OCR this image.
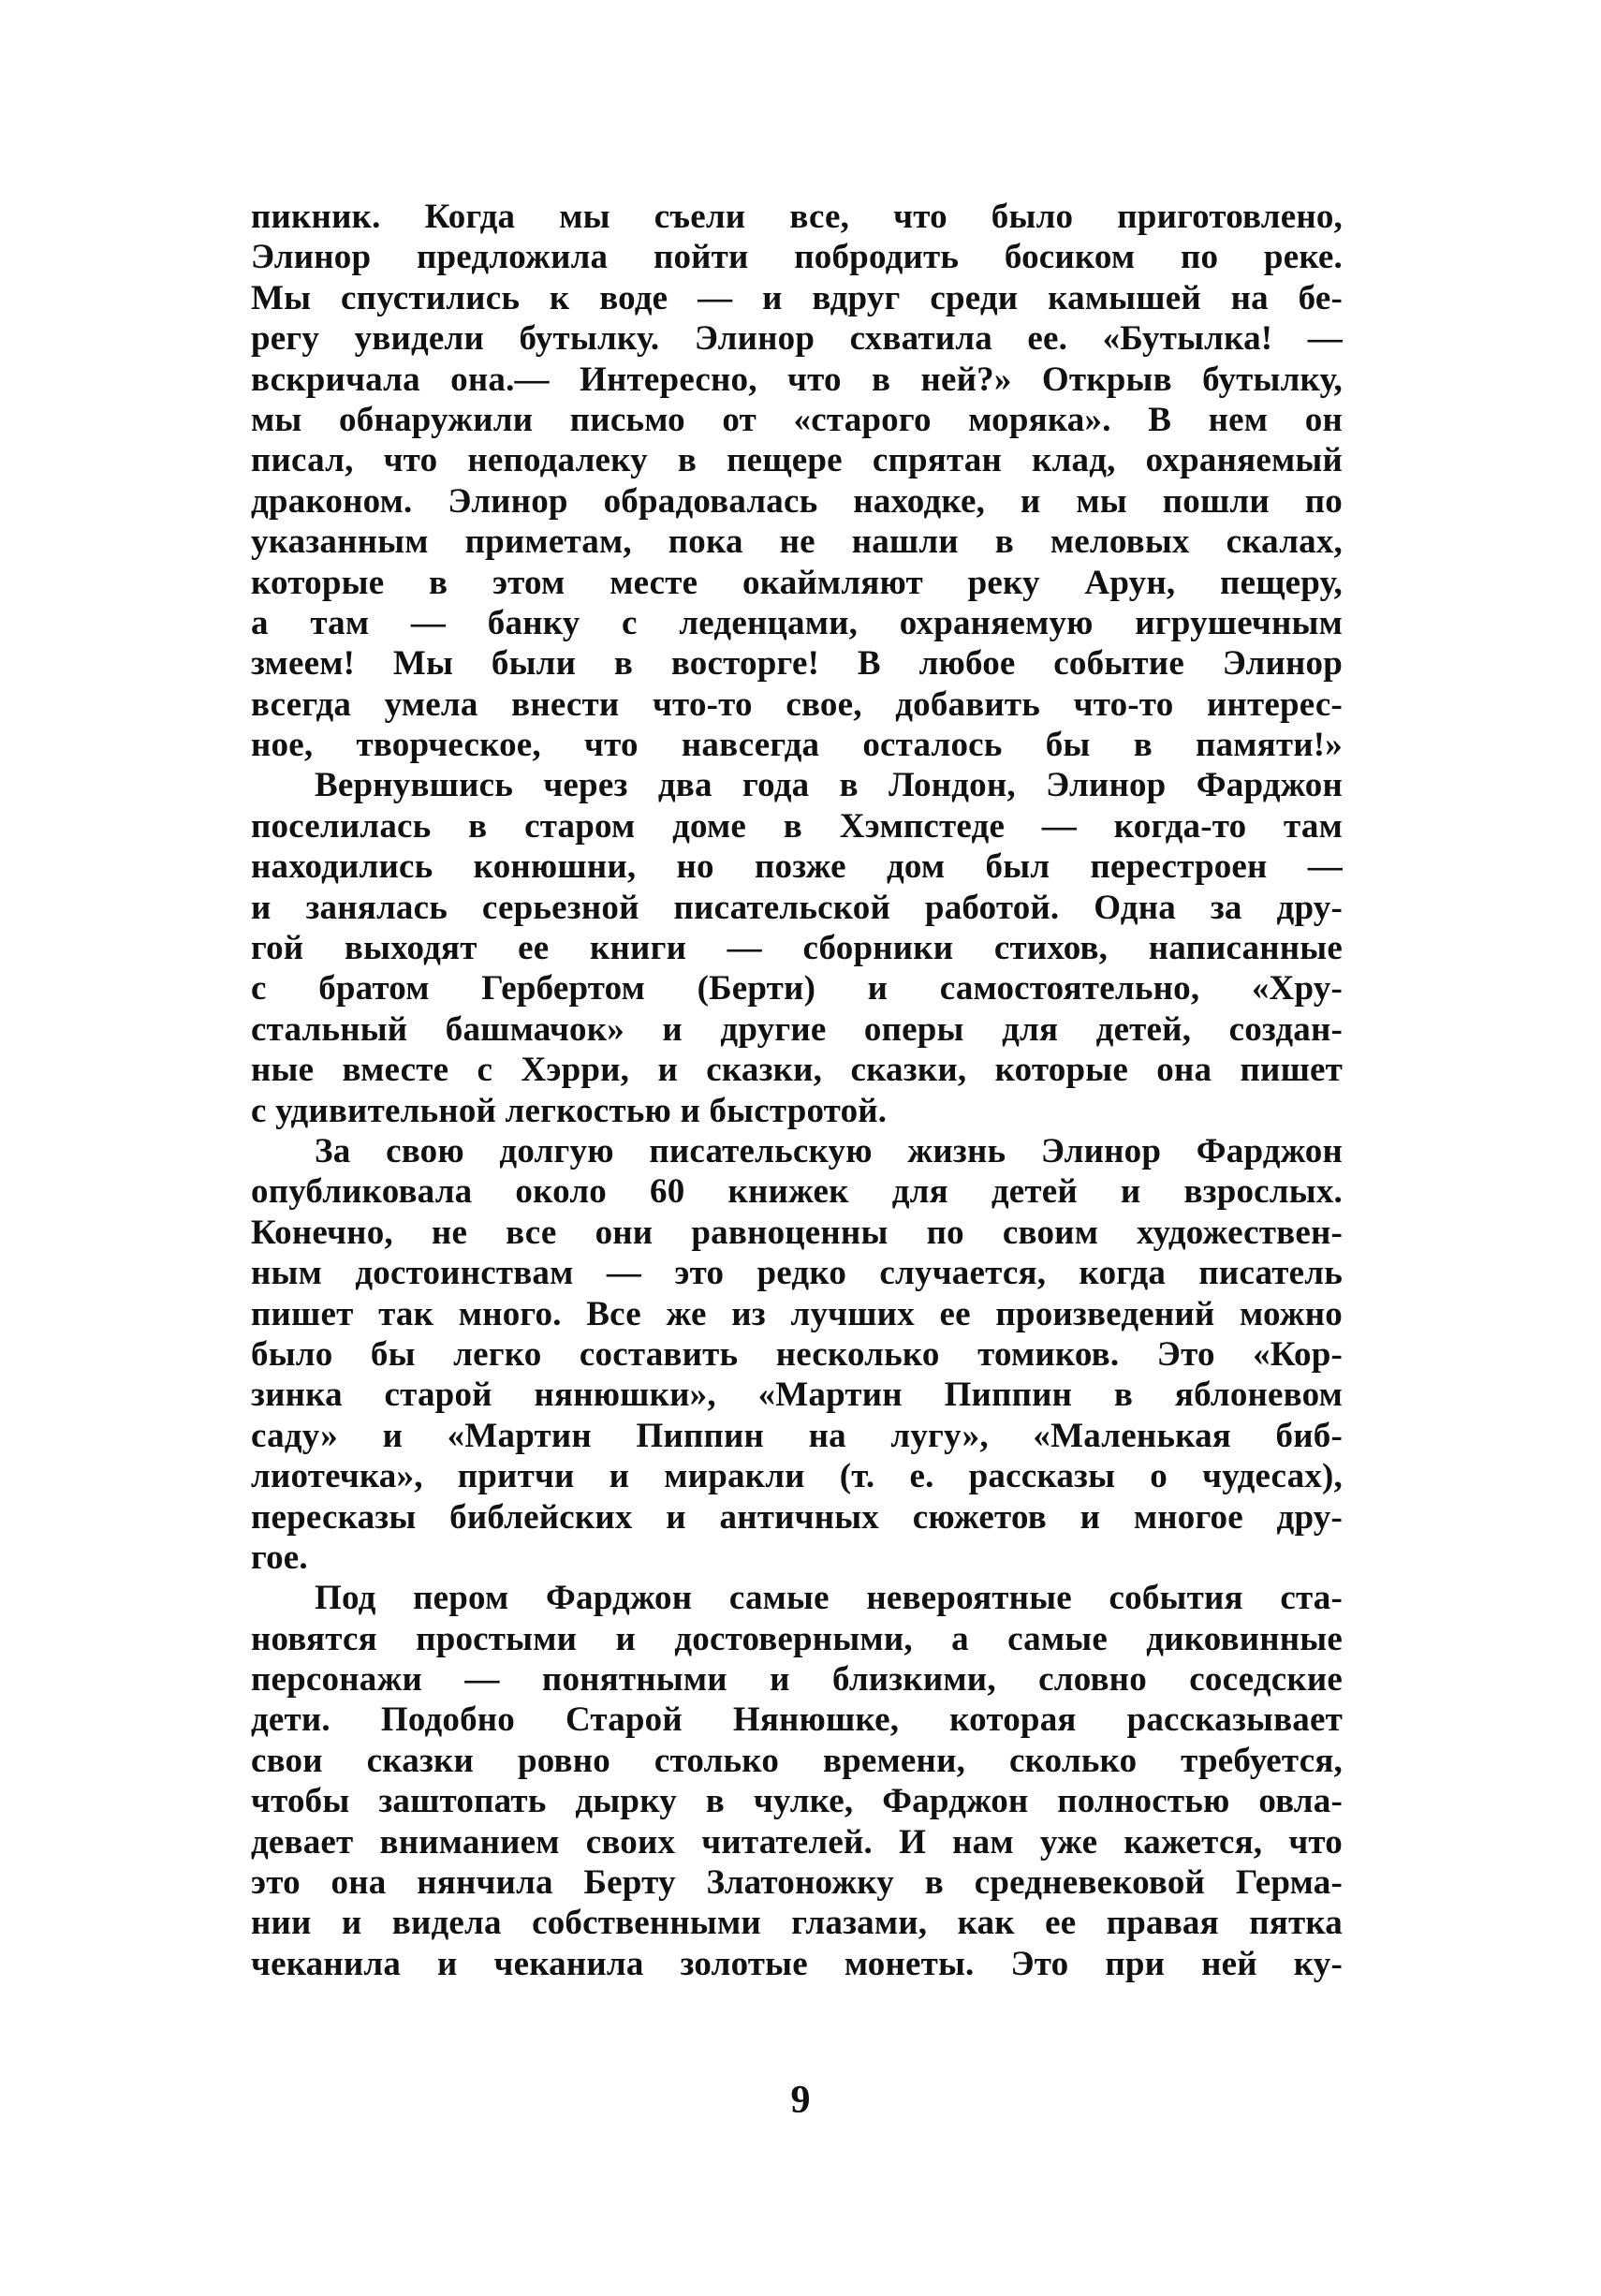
пикник. Когда мы съели все, что было приготовлено,
Элинор предложила пойти побродить босиком по реке.
Мы спустились к воде — и вдруг среди камышей на бе-
регу увидели бутылку. Элинор схватила ее. «Бутылка! —
вскричала она.— Интересно, что в ней?» Открыв бутылку,
мы обнаружили письмо от «старого моряка». В нем он
писал, что неподалеку в пещере спрятан клад, охраняемый
драконом. Элинор обрадовалась находке, и мы пошли по
указанным приметам, пока не нашли в меловых скалах,
которые в этом месте окаймляют реку Арун, пещеру,
а там — банку с леденцами, охраняемую игрушечным
змеем! Мы были в восторге! В любое событие Элинор
всегда умела внести что-то свое, добавить что-то интерес-
ное, творческое, что навсегда осталось бы в памяти!»
Вернувшись через два года в Лондон, Элинор Фарджон
поселилась в старом доме в Хэмпстеде — когда-то там
находились конюшни, но позже дом был перестроен —
и занялась серьезной писательской работой. Одна за дру-
гой выходят ее книги — сборники стихов, написанные
с братом Гербертом (Берти) и самостоятельно, «Хру-
стальный башмачок» и другие оперы для детей, создан-
ные вместе с Хэрри, и сказки, сказки, которые она пишет
с удивительной легкостью и быстротой.
За свою долгую писательскую жизнь Элинор Фарджон
опубликовала около 60 книжек для детей и взрослых.
Конечно, не все они равноценны по своим художествен-
ным достоинствам — это редко случается, когда писатель
пишет так много. Все же из лучших ее произведений можно
было бы легко составить несколько томиков. Это «Кор-
зинка старой нянюшки», «Мартин Пиппин в яблоневом
саду» и «Мартин Пиппин на лугу», «Маленькая биб-
лиотечка», притчи и миракли (т. е. рассказы о чудесах),
пересказы библейских и античных сюжетов и многое дру-
гое.
Под пером Фарджон самые невероятные события ста-
новятся простыми и достоверными, а самые диковинные
персонажи — понятными и близкими, словно соседские
дети. Подобно Старой Нянюшке, которая рассказывает
свои сказки ровно столько времени, сколько требуется,
чтобы заштопать дырку в чулке, Фарджон полностью овла-
девает вниманием своих читателей. И нам уже кажется, что
это она нянчила Берту Златоножку в средневековой Герма-
нии и видела собственными глазами, как ее правая пятка
чеканила и чеканила золотые монеты. Это при ней ку-
9
